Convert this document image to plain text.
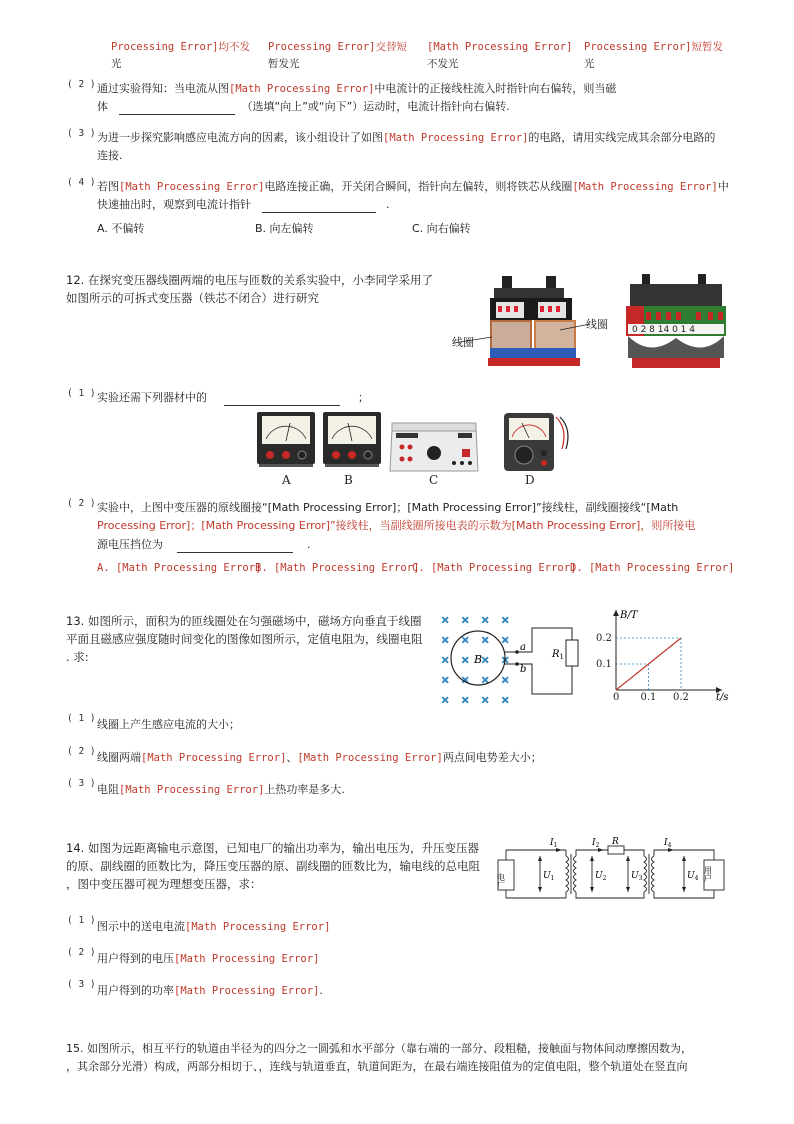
Processing Error]均不发
光
Processing Error]交替短
暂发光
[Math Processing Error]
不发光
Processing Error]短暂发
光
( 2 ) 通过实验得知：当电流从图[Math Processing Error]中电流计的正接线柱流入时指针向右偏转，则当磁
体	（选填“向上”或“向下”）运动时，电流计指针向右偏转.
( 3 ) 为进一步探究影响感应电流方向的因素，该小组设计了如图[Math Processing Error]的电路，请用实线完成其余部分电路的
连接.
( 4 ) 若图[Math Processing Error]电路连接正确，开关闭合瞬间，指针向左偏转，则将铁芯从线圈[Math Processing Error]中
快速抽出时，观察到电流计指针	.
A. 不偏转	B. 向左偏转	C. 向右偏转
12. 在探究变压器线圈两端的电压与匝数的关系实验中，小李同学采用了
如图所示的可拆式变压器（铁芯不闭合）进行研究
线圈
线圈	0 2 8 14 0 1 4
( 1 ) 实验还需下列器材中的	；
A	B	C	D
( 2 ) 实验中，上图中变压器的原线圈接“[Math Processing Error]；[Math Processing Error]”接线柱，副线圈接线“[Math
Processing Error]；[Math Processing Error]”接线柱，当副线圈所接电表的示数为[Math Processing Error]，则所接电
源电压挡位为	.
A. [Math Processing Error]
B. [Math Processing Error]
C. [Math Processing Error]
D. [Math Processing Error]
13. 如图所示，面积为的匝线圈处在匀强磁场中，磁场方向垂直于线圈
平面且磁感应强度随时间变化的图像如图所示，定值电阻为，线圈电阻
. 求:
× × × ×
× × × ×
× × × ×
× × × ×
× × × ×
B
a
b
$R_1$
B/T
t/s
0 0.1 0.2
0.1
0.2
( 1 ) 线圈上产生感应电流的大小；
( 2 ) 线圈两端[Math Processing Error]、[Math Processing Error]两点间电势差大小；
( 3 ) 电阻[Math Processing Error]上热功率是多大.
14. 如图为远距离输电示意图，已知电厂的输出功率为，输出电压为，升压变压器
的原、副线圈的匝数比为，降压变压器的原、副线圈的匝数比为，输电线的总电阻
，图中变压器可视为理想变压器，求：	电厂	用户
$I_1$	$I_2$ R	$I_4$
$U_1$	$U_2$	$U_3$	$U_4$
( 1 ) 图示中的送电电流[Math Processing Error]
( 2 ) 用户得到的电压[Math Processing Error]
( 3 ) 用户得到的功率[Math Processing Error].
15. 如图所示，相互平行的轨道由半径为的四分之一圆弧和水平部分（靠右端的一部分、段粗糙，接触面与物体间动摩擦因数为，
，其余部分光滑）构成，两部分相切于、，连线与轨道垂直，轨道间距为，在最右端连接阻值为的定值电阻，整个轨道处在竖直向
